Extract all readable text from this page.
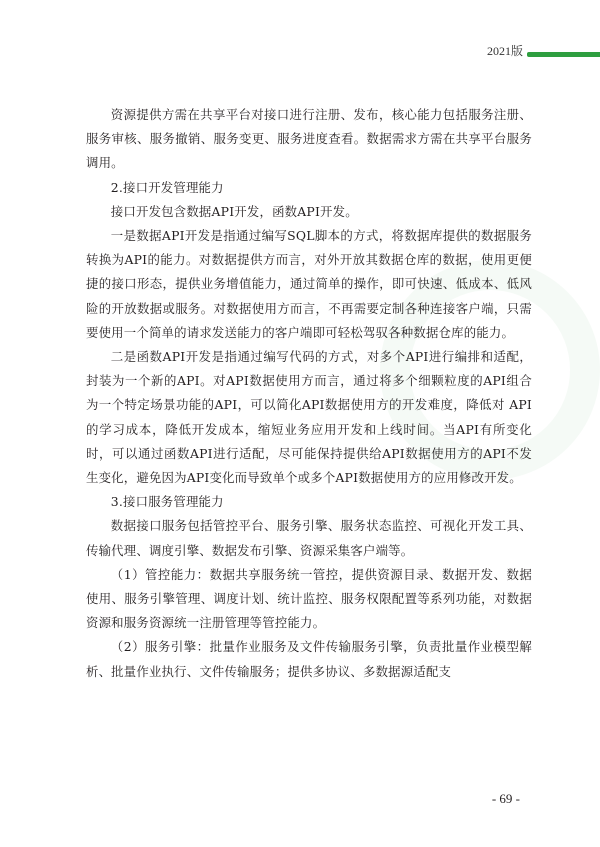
2021版

资源提供方需在共享平台对接口进行注册、发布，核心能力包括服务注册、服务审核、服务撤销、服务变更、服务进度查看。数据需求方需在共享平台服务调用。

2.接口开发管理能力

接口开发包含数据API开发，函数API开发。

一是数据API开发是指通过编写SQL脚本的方式，将数据库提供的数据服务转换为API的能力。对数据提供方而言，对外开放其数据仓库的数据，使用更便捷的接口形态，提供业务增值能力，通过简单的操作，即可快速、低成本、低风险的开放数据或服务。对数据使用方而言，不再需要定制各种连接客户端，只需要使用一个简单的请求发送能力的客户端即可轻松驾驭各种数据仓库的能力。

二是函数API开发是指通过编写代码的方式，对多个API进行编排和适配，封装为一个新的API。对API数据使用方而言，通过将多个细颗粒度的API组合为一个特定场景功能的API，可以简化API数据使用方的开发难度，降低对 API的学习成本，降低开发成本，缩短业务应用开发和上线时间。当API有所变化时，可以通过函数API进行适配，尽可能保持提供给API数据使用方的API不发生变化，避免因为API变化而导致单个或多个API数据使用方的应用修改开发。

3.接口服务管理能力

数据接口服务包括管控平台、服务引擎、服务状态监控、可视化开发工具、传输代理、调度引擎、数据发布引擎、资源采集客户端等。

（1）管控能力：数据共享服务统一管控，提供资源目录、数据开发、数据使用、服务引擎管理、调度计划、统计监控、服务权限配置等系列功能，对数据资源和服务资源统一注册管理等管控能力。

（2）服务引擎：批量作业服务及文件传输服务引擎，负责批量作业模型解析、批量作业执行、文件传输服务；提供多协议、多数据源适配支

- 69 -
